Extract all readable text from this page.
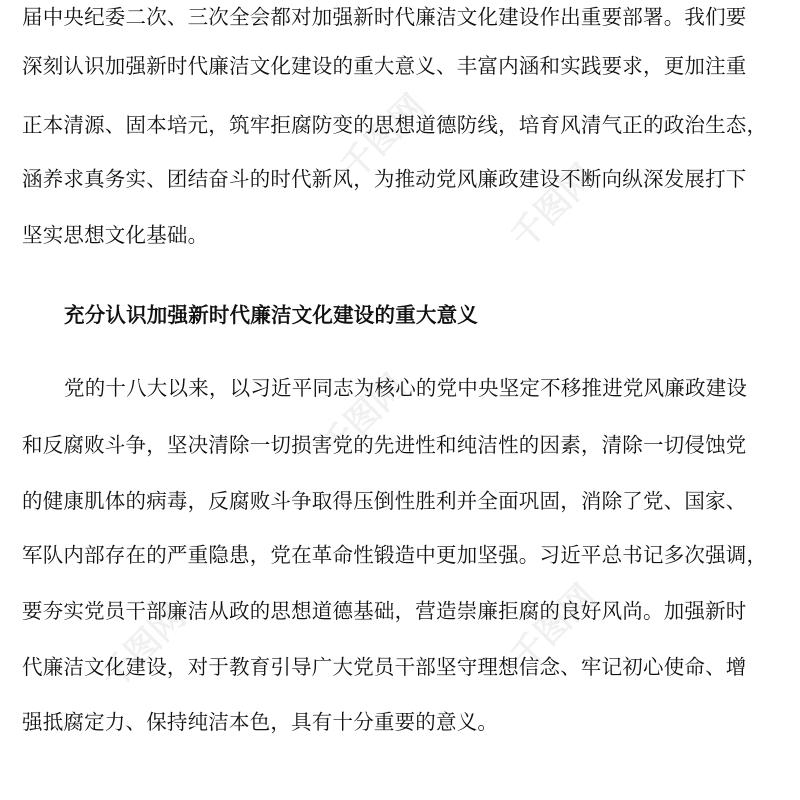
千图网
千图网
千图网
千图网
千图网
届中央纪委二次、三次全会都对加强新时代廉洁文化建设作出重要部署。我们要
深刻认识加强新时代廉洁文化建设的重大意义、丰富内涵和实践要求，更加注重
正本清源、固本培元，筑牢拒腐防变的思想道德防线，培育风清气正的政治生态，
涵养求真务实、团结奋斗的时代新风，为推动党风廉政建设不断向纵深发展打下
坚实思想文化基础。
充分认识加强新时代廉洁文化建设的重大意义
党的十八大以来，以习近平同志为核心的党中央坚定不移推进党风廉政建设
和反腐败斗争，坚决清除一切损害党的先进性和纯洁性的因素，清除一切侵蚀党
的健康肌体的病毒，反腐败斗争取得压倒性胜利并全面巩固，消除了党、国家、
军队内部存在的严重隐患，党在革命性锻造中更加坚强。习近平总书记多次强调，
要夯实党员干部廉洁从政的思想道德基础，营造崇廉拒腐的良好风尚。加强新时
代廉洁文化建设，对于教育引导广大党员干部坚守理想信念、牢记初心使命、增
强抵腐定力、保持纯洁本色，具有十分重要的意义。
